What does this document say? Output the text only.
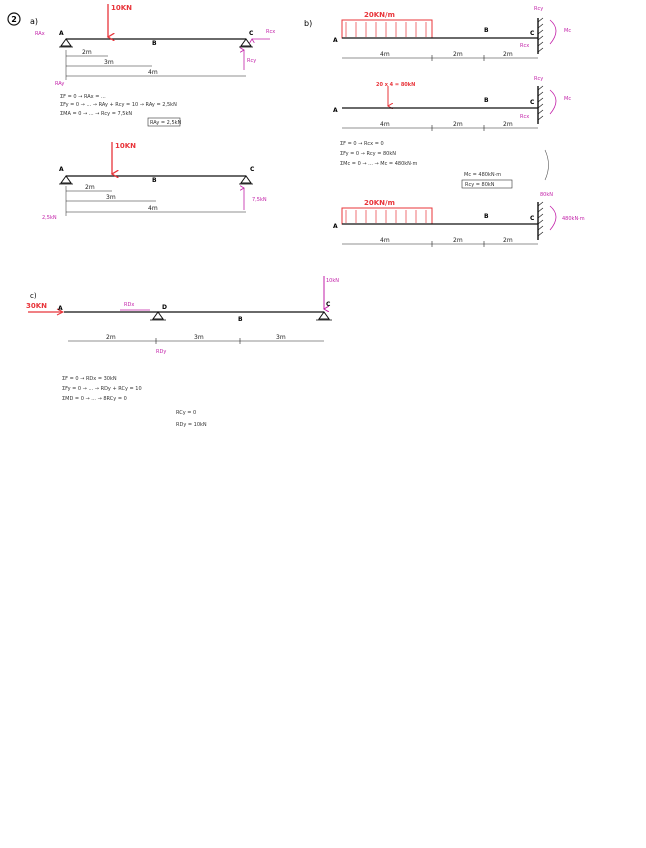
2 a)
A
B
C
10KN
RAx	Rcx
Rcy
RAy
2m
3m
4m
ΣF = 0 → RAx = ...
ΣFy = 0 → ... → RAy + Rcy = 10 → RAy = 2,5kN
ΣMA = 0 → ... → Rcy = 7,5kN
RAy = 2,5kN
A
B
C
10KN
7,5kN
2,5kN
2m
3m
4m
b)
20KN/m
A
B	C
Rcy
Mc
Rcx
4m	2m	2m
20 x 4 = 80kN
A
B	C
Rcy
Mc
Rcx
4m	2m	2m
ΣF = 0 → Rcx = 0
ΣFy = 0 → Rcy = 80kN
ΣMc = 0 → ... → Mc = 480kN·m
Mc = 480kN·m
Rcy = 80kN
20KN/m
A
B	C
80kN
480kN·m
4m	2m	2m
c)
30KN A
B
C
D
10kN
RDx
2m	3m	3m
RDy
ΣF = 0 → RDx = 30kN
ΣFy = 0 → ... → RDy + RCy = 10
ΣMD = 0 → ... → 8RCy = 0
RCy = 0
RDy = 10kN
